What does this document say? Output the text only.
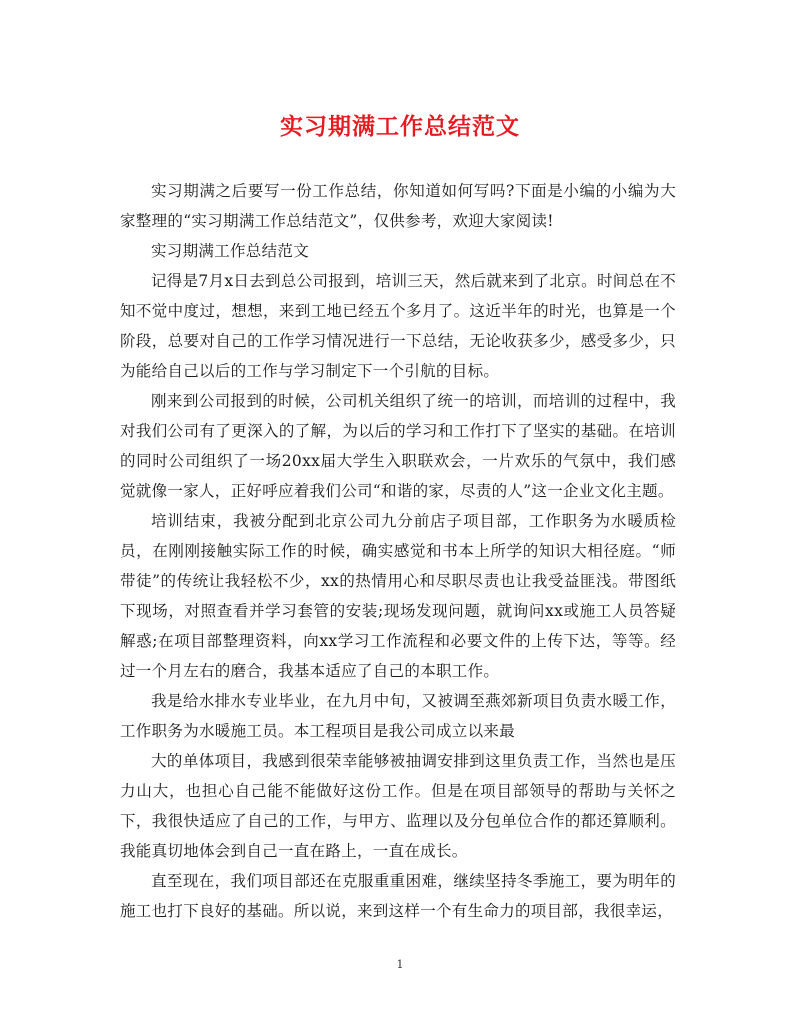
实习期满工作总结范文

实习期满之后要写一份工作总结，你知道如何写吗?下面是小编的小编为大家整理的“实习期满工作总结范文”，仅供参考，欢迎大家阅读!

实习期满工作总结范文

记得是7月x日去到总公司报到，培训三天，然后就来到了北京。时间总在不知不觉中度过，想想，来到工地已经五个多月了。这近半年的时光，也算是一个阶段，总要对自己的工作学习情况进行一下总结，无论收获多少，感受多少，只为能给自己以后的工作与学习制定下一个引航的目标。

刚来到公司报到的时候，公司机关组织了统一的培训，而培训的过程中，我对我们公司有了更深入的了解，为以后的学习和工作打下了坚实的基础。在培训的同时公司组织了一场20xx届大学生入职联欢会，一片欢乐的气氛中，我们感觉就像一家人，正好呼应着我们公司“和谐的家，尽责的人”这一企业文化主题。

培训结束，我被分配到北京公司九分前店子项目部，工作职务为水暖质检员，在刚刚接触实际工作的时候，确实感觉和书本上所学的知识大相径庭。“师带徒”的传统让我轻松不少，xx的热情用心和尽职尽责也让我受益匪浅。带图纸下现场，对照查看并学习套管的安装;现场发现问题，就询问xx或施工人员答疑解惑;在项目部整理资料，向xx学习工作流程和必要文件的上传下达，等等。经过一个月左右的磨合，我基本适应了自己的本职工作。

我是给水排水专业毕业，在九月中旬，又被调至燕郊新项目负责水暖工作，工作职务为水暖施工员。本工程项目是我公司成立以来最

大的单体项目，我感到很荣幸能够被抽调安排到这里负责工作，当然也是压力山大，也担心自己能不能做好这份工作。但是在项目部领导的帮助与关怀之下，我很快适应了自己的工作，与甲方、监理以及分包单位合作的都还算顺利。我能真切地体会到自己一直在路上，一直在成长。

直至现在，我们项目部还在克服重重困难，继续坚持冬季施工，要为明年的施工也打下良好的基础。所以说，来到这样一个有生命力的项目部，我很幸运，

1
